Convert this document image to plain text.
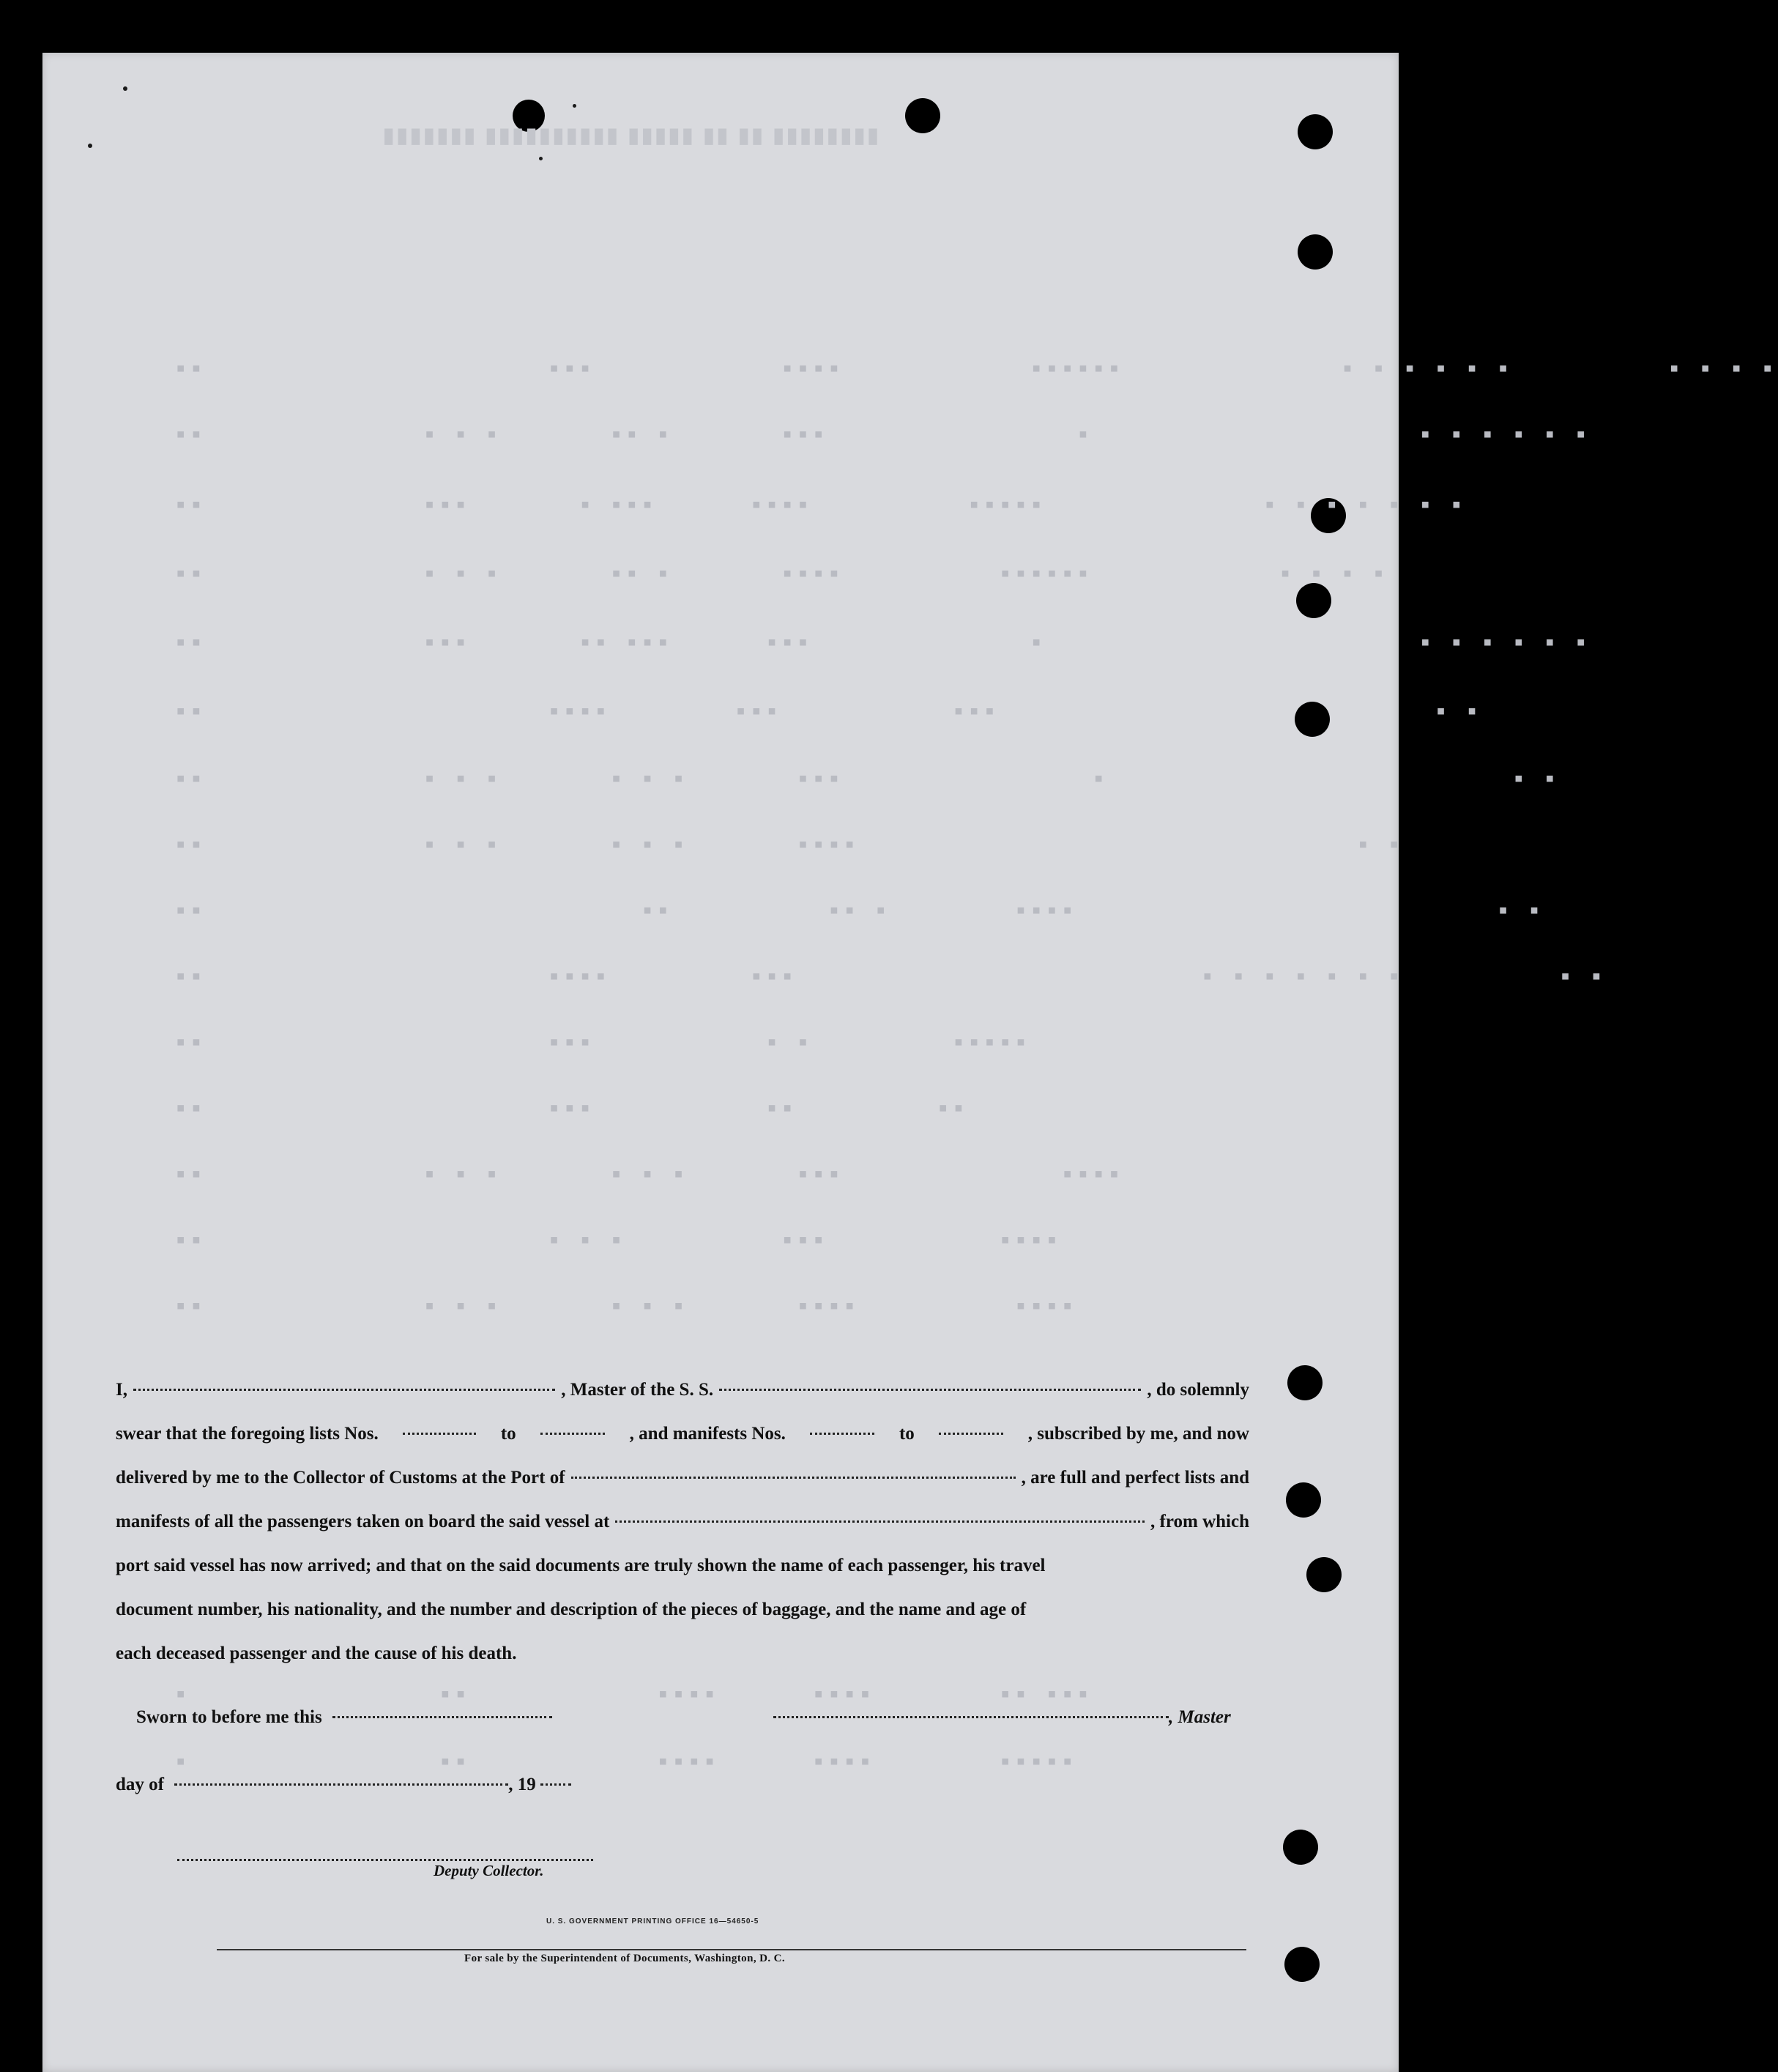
▮▮▮▮▮▮▮▮ ▮▮ ▮▮ ▮▮▮▮▮ ▮▮▮▮▮▮▮▮▮▮ ▮▮▮▮▮▮▮
▪▪                      ▪▪▪            ▪▪▪▪            ▪▪▪▪▪▪              ▪ ▪ ▪ ▪ ▪ ▪          ▪ ▪ ▪ ▪
▪▪              ▪ ▪ ▪       ▪▪ ▪       ▪▪▪                ▪                     ▪ ▪ ▪ ▪ ▪ ▪
▪▪              ▪▪▪       ▪ ▪▪▪      ▪▪▪▪          ▪▪▪▪▪              ▪ ▪ ▪ ▪ ▪ ▪ ▪
▪▪              ▪ ▪ ▪       ▪▪ ▪       ▪▪▪▪          ▪▪▪▪▪▪            ▪ ▪ ▪ ▪
▪▪              ▪▪▪       ▪▪ ▪▪▪      ▪▪▪              ▪                        ▪ ▪ ▪ ▪ ▪ ▪
▪▪                      ▪▪▪▪        ▪▪▪           ▪▪▪                            ▪ ▪
▪▪              ▪ ▪ ▪       ▪ ▪ ▪       ▪▪▪                ▪                          ▪ ▪
▪▪              ▪ ▪ ▪       ▪ ▪ ▪       ▪▪▪▪                                ▪ ▪
▪▪                            ▪▪          ▪▪ ▪        ▪▪▪▪                           ▪ ▪
▪▪                      ▪▪▪▪         ▪▪▪                          ▪ ▪ ▪ ▪ ▪ ▪ ▪          ▪ ▪
▪▪                      ▪▪▪           ▪ ▪         ▪▪▪▪▪
▪▪                      ▪▪▪           ▪▪         ▪▪
▪▪              ▪ ▪ ▪       ▪ ▪ ▪       ▪▪▪              ▪▪▪▪
▪▪                      ▪ ▪ ▪          ▪▪▪           ▪▪▪▪
▪▪              ▪ ▪ ▪       ▪ ▪ ▪       ▪▪▪▪          ▪▪▪▪
▪                ▪▪            ▪▪▪▪      ▪▪▪▪        ▪▪ ▪▪▪
▪                ▪▪            ▪▪▪▪      ▪▪▪▪        ▪▪▪▪▪
I,	, Master of the S. S.	, do solemnly
swear that the foregoing lists Nos.	to	, and manifests Nos.	to	, subscribed by me, and now
delivered by me to the Collector of Customs at the Port of	, are full and perfect lists and
manifests of all the passengers taken on board the said vessel at	, from which
port said vessel has now arrived; and that on the said documents are truly shown the name of each passenger, his travel
document number, his nationality, and the number and description of the pieces of baggage, and the name and age of
each deceased passenger and the cause of his death.
Sworn to before me this	, Master
day of	, 19
Deputy Collector.
U. S. GOVERNMENT PRINTING OFFICE 16—54650-5
For sale by the Superintendent of Documents, Washington, D. C.
